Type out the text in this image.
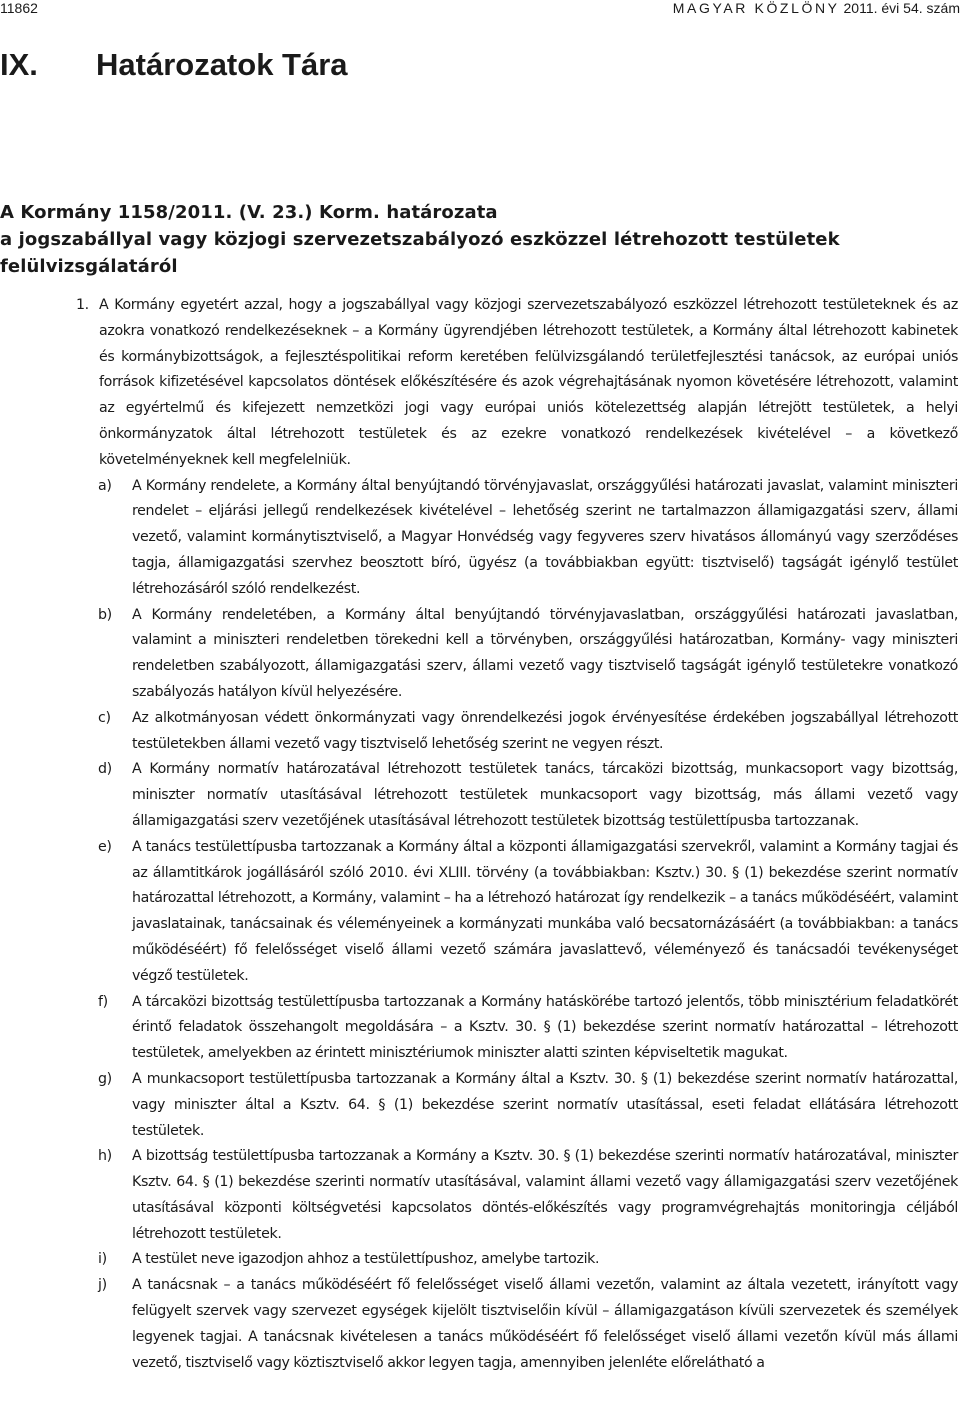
11862	MAGYAR KÖZLÖNY 2011. évi 54. szám
IX. Határozatok Tára
A Kormány 1158/2011. (V. 23.) Korm. határozata
a jogszabállyal vagy közjogi szervezetszabályozó eszközzel létrehozott testületek
felülvizsgálatáról
1. A Kormány egyetért azzal, hogy a jogszabállyal vagy közjogi szervezetszabályozó eszközzel létrehozott testületeknek és az azokra vonatkozó rendelkezéseknek – a Kormány ügyrendjében létrehozott testületek, a Kormány által létrehozott kabinetek és kormánybizottságok, a fejlesztéspolitikai reform keretében felülvizsgálandó területfejlesztési tanácsok, az európai uniós források kifizetésével kapcsolatos döntések előkészítésére és azok végrehajtásának nyomon követésére létrehozott, valamint az egyértelmű és kifejezett nemzetközi jogi vagy európai uniós kötelezettség alapján létrejött testületek, a helyi önkormányzatok által létrehozott testületek és az ezekre vonatkozó rendelkezések kivételével – a következő követelményeknek kell megfelelniük.
a) A Kormány rendelete, a Kormány által benyújtandó törvényjavaslat, országgyűlési határozati javaslat, valamint miniszteri rendelet – eljárási jellegű rendelkezések kivételével – lehetőség szerint ne tartalmazzon államigazgatási szerv, állami vezető, valamint kormánytisztviselő, a Magyar Honvédség vagy fegyveres szerv hivatásos állományú vagy szerződéses tagja, államigazgatási szervhez beosztott bíró, ügyész (a továbbiakban együtt: tisztviselő) tagságát igénylő testület létrehozásáról szóló rendelkezést.
b) A Kormány rendeletében, a Kormány által benyújtandó törvényjavaslatban, országgyűlési határozati javaslatban, valamint a miniszteri rendeletben törekedni kell a törvényben, országgyűlési határozatban, Kormány- vagy miniszteri rendeletben szabályozott, államigazgatási szerv, állami vezető vagy tisztviselő tagságát igénylő testületekre vonatkozó szabályozás hatályon kívül helyezésére.
c) Az alkotmányosan védett önkormányzati vagy önrendelkezési jogok érvényesítése érdekében jogszabállyal létrehozott testületekben állami vezető vagy tisztviselő lehetőség szerint ne vegyen részt.
d) A Kormány normatív határozatával létrehozott testületek tanács, tárcaközi bizottság, munkacsoport vagy bizottság, miniszter normatív utasításával létrehozott testületek munkacsoport vagy bizottság, más állami vezető vagy államigazgatási szerv vezetőjének utasításával létrehozott testületek bizottság testülettípusba tartozzanak.
e) A tanács testülettípusba tartozzanak a Kormány által a központi államigazgatási szervekről, valamint a Kormány tagjai és az államtitkárok jogállásáról szóló 2010. évi XLIII. törvény (a továbbiakban: Ksztv.) 30. § (1) bekezdése szerint normatív határozattal létrehozott, a Kormány, valamint – ha a létrehozó határozat így rendelkezik – a tanács működéséért, valamint javaslatainak, tanácsainak és véleményeinek a kormányzati munkába való becsatornázásáért (a továbbiakban: a tanács működéséért) fő felelősséget viselő állami vezető számára javaslattevő, véleményező és tanácsadói tevékenységet végző testületek.
f) A tárcaközi bizottság testülettípusba tartozzanak a Kormány hatáskörébe tartozó jelentős, több minisztérium feladatkörét érintő feladatok összehangolt megoldására – a Ksztv. 30. § (1) bekezdése szerint normatív határozattal – létrehozott testületek, amelyekben az érintett minisztériumok miniszter alatti szinten képviseltetik magukat.
g) A munkacsoport testülettípusba tartozzanak a Kormány által a Ksztv. 30. § (1) bekezdése szerint normatív határozattal, vagy miniszter által a Ksztv. 64. § (1) bekezdése szerint normatív utasítással, eseti feladat ellátására létrehozott testületek.
h) A bizottság testülettípusba tartozzanak a Kormány a Ksztv. 30. § (1) bekezdése szerinti normatív határozatával, miniszter Ksztv. 64. § (1) bekezdése szerinti normatív utasításával, valamint állami vezető vagy államigazgatási szerv vezetőjének utasításával központi költségvetési kapcsolatos döntés-előkészítés vagy programvégrehajtás monitoringja céljából létrehozott testületek.
i) A testület neve igazodjon ahhoz a testülettípushoz, amelybe tartozik.
j) A tanácsnak – a tanács működéséért fő felelősséget viselő állami vezetőn, valamint az általa vezetett, irányított vagy felügyelt szervek vagy szervezet egységek kijelölt tisztviselőin kívül – államigazgatáson kívüli szervezetek és személyek legyenek tagjai. A tanácsnak kivételesen a tanács működéséért fő felelősséget viselő állami vezetőn kívül más állami vezető, tisztviselő vagy köztisztviselő akkor legyen tagja, amennyiben jelenléte előrelátható a
